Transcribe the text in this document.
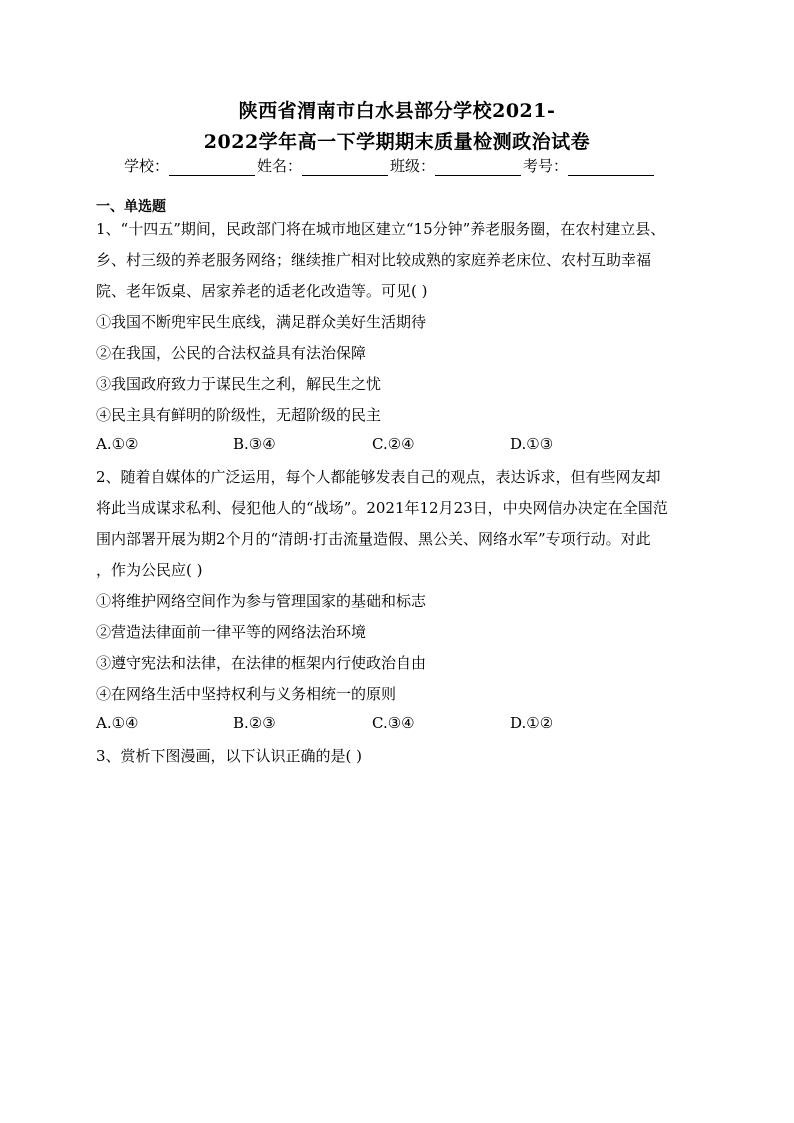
陕西省渭南市白水县部分学校2021-
2022学年高一下学期期末质量检测政治试卷
学校：	姓名：	班级：	考号：
一、单选题
1、“十四五”期间，民政部门将在城市地区建立“15分钟”养老服务圈，在农村建立县、
乡、村三级的养老服务网络；继续推广相对比较成熟的家庭养老床位、农村互助幸福
院、老年饭桌、居家养老的适老化改造等。可见( )
①我国不断兜牢民生底线，满足群众美好生活期待
②在我国，公民的合法权益具有法治保障
③我国政府致力于谋民生之利，解民生之忧
④民主具有鲜明的阶级性，无超阶级的民主
A.①②	B.③④	C.②④	D.①③
2、随着自媒体的广泛运用，每个人都能够发表自己的观点，表达诉求，但有些网友却
将此当成谋求私利、侵犯他人的“战场”。2021年12月23日，中央网信办决定在全国范
围内部署开展为期2个月的“清朗·打击流量造假、黑公关、网络水军”专项行动。对此
，作为公民应( )
①将维护网络空间作为参与管理国家的基础和标志
②营造法律面前一律平等的网络法治环境
③遵守宪法和法律，在法律的框架内行使政治自由
④在网络生活中坚持权利与义务相统一的原则
A.①④	B.②③	C.③④	D.①②
3、赏析下图漫画，以下认识正确的是( )
